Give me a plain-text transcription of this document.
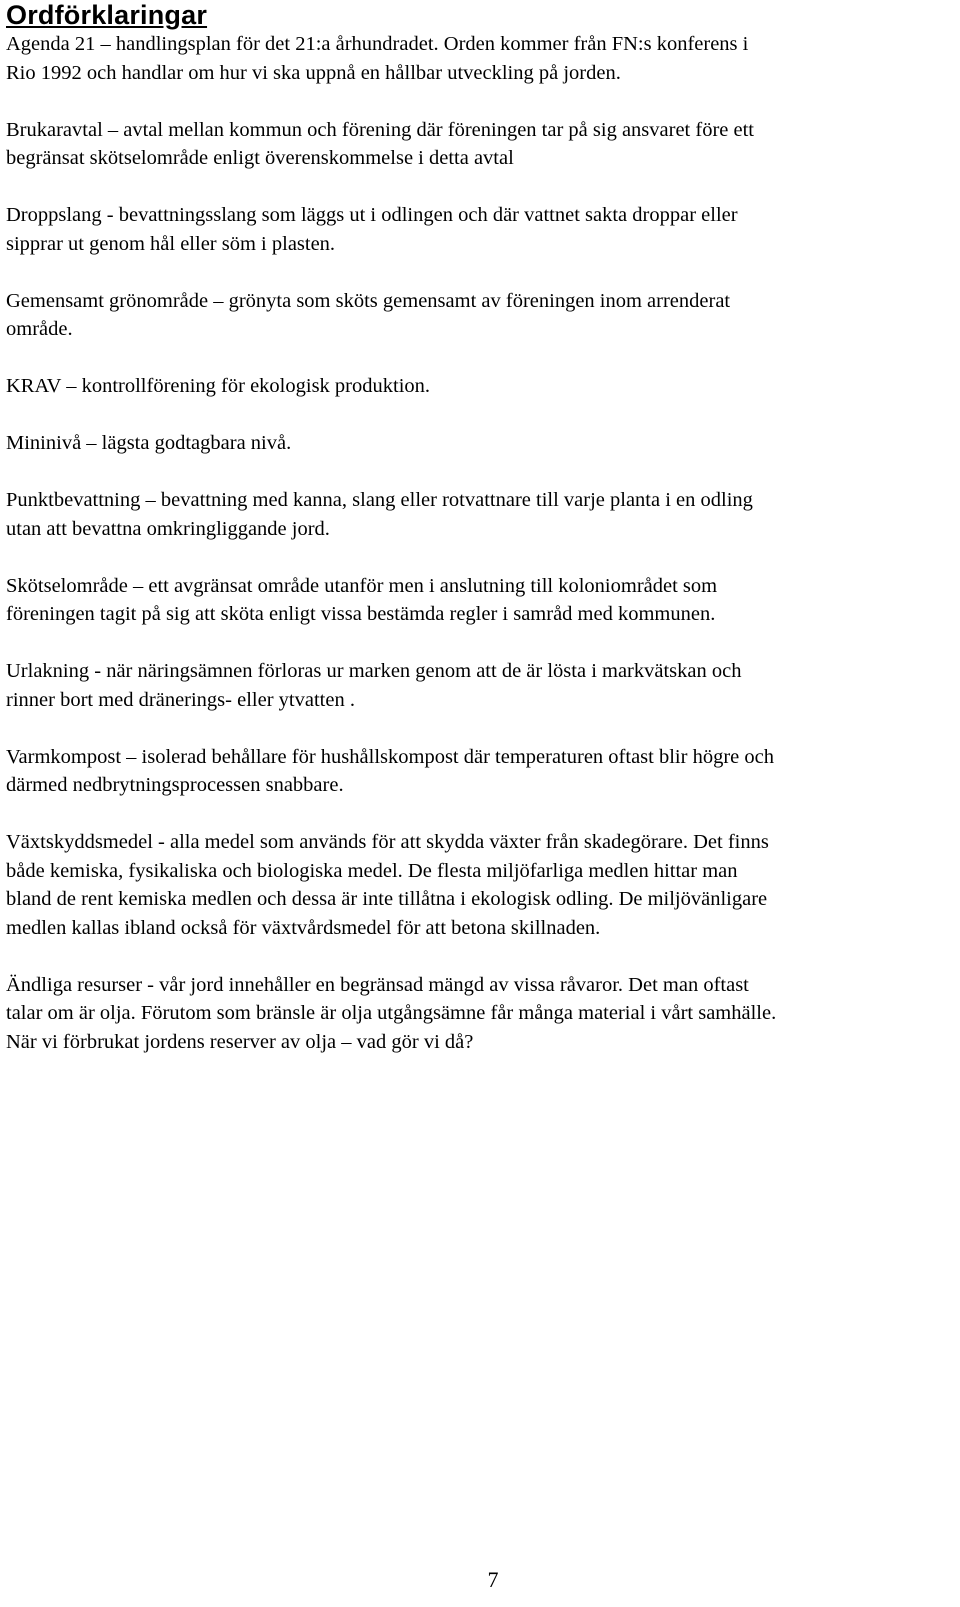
Ordförklaringar

Agenda 21 – handlingsplan för det 21:a århundradet. Orden kommer från FN:s konferens i
Rio 1992 och handlar om hur vi ska uppnå en hållbar utveckling på jorden.

Brukaravtal – avtal mellan kommun och förening där föreningen tar på sig ansvaret före ett
begränsat skötselområde enligt överenskommelse i detta avtal

Droppslang - bevattningsslang som läggs ut i odlingen och där vattnet sakta droppar eller
sipprar ut genom hål eller söm i plasten.

Gemensamt grönområde – grönyta som sköts gemensamt av föreningen inom arrenderat
område.

KRAV – kontrollförening för ekologisk produktion.

Mininivå – lägsta godtagbara nivå.

Punktbevattning – bevattning med kanna, slang eller rotvattnare till varje planta i en odling
utan att bevattna omkringliggande jord.

Skötselområde – ett avgränsat område utanför men i anslutning till koloniområdet som
föreningen tagit på sig att sköta enligt vissa bestämda regler i samråd med kommunen.

Urlakning - när näringsämnen förloras ur marken genom att de är lösta i markvätskan och
rinner bort med dränerings- eller ytvatten .

Varmkompost – isolerad behållare för hushållskompost där temperaturen oftast blir högre och
därmed nedbrytningsprocessen snabbare.

Växtskyddsmedel - alla medel som används för att skydda växter från skadegörare. Det finns
både kemiska, fysikaliska och biologiska medel. De flesta miljöfarliga medlen hittar man
bland de rent kemiska medlen och dessa är inte tillåtna i ekologisk odling. De miljövänligare
medlen kallas ibland också för växtvårdsmedel för att betona skillnaden.

Ändliga resurser - vår jord innehåller en begränsad mängd av vissa råvaror. Det man oftast
talar om är olja. Förutom som bränsle är olja utgångsämne får många material i vårt samhälle.
När vi förbrukat jordens reserver av olja – vad gör vi då?

7
